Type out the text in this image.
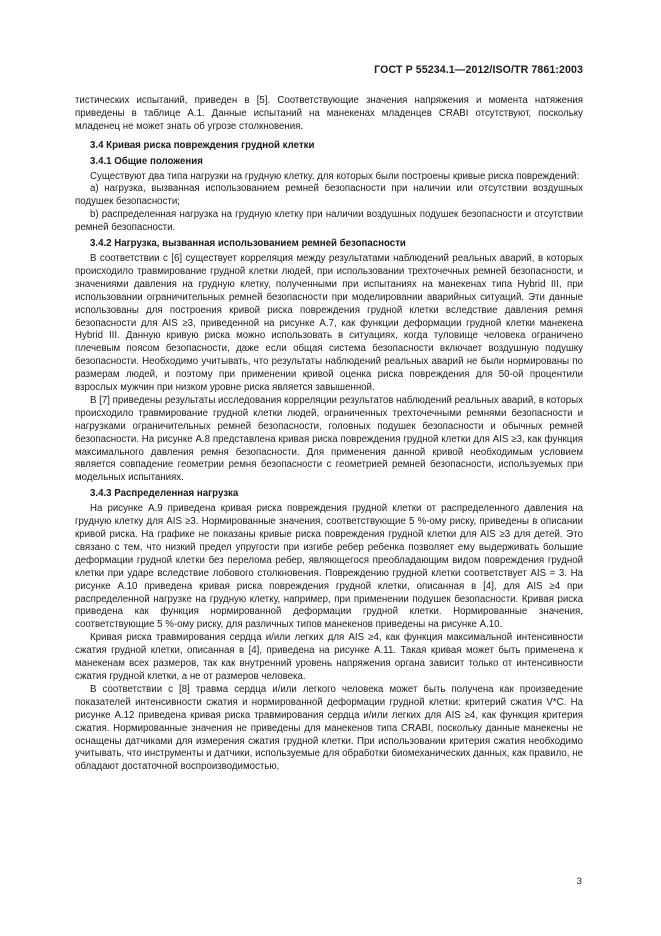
ГОСТ Р 55234.1—2012/ISO/TR 7861:2003

тистических испытаний, приведен в [5]. Соответствующие значения напряжения и момента натяжения приведены в таблице А.1. Данные испытаний на манекенах младенцев CRABI отсутствуют, поскольку младенец не может знать об угрозе столкновения.

3.4 Кривая риска повреждения грудной клетки

3.4.1 Общие положения

Существуют два типа нагрузки на грудную клетку, для которых были построены кривые риска повреждений:

a) нагрузка, вызванная использованием ремней безопасности при наличии или отсутствии воздушных подушек безопасности;

b) распределенная нагрузка на грудную клетку при наличии воздушных подушек безопасности и отсутствии ремней безопасности.

3.4.2 Нагрузка, вызванная использованием ремней безопасности

В соответствии с [6] существует корреляция между результатами наблюдений реальных аварий, в которых происходило травмирование грудной клетки людей, при использовании трехточечных ремней безопасности, и значениями давления на грудную клетку, полученными при испытаниях на манекенах типа Hybrid III, при использовании ограничительных ремней безопасности при моделировании аварийных ситуаций. Эти данные использованы для построения кривой риска повреждения грудной клетки вследствие давления ремня безопасности для AIS ≥3, приведенной на рисунке А.7, как функции деформации грудной клетки манекена Hybrid III. Данную кривую риска можно использовать в ситуациях, когда туловище человека ограничено плечевым поясом безопасности, даже если общая система безопасности включает воздушную подушку безопасности. Необходимо учитывать, что результаты наблюдений реальных аварий не были нормированы по размерам людей, и поэтому при применении кривой оценка риска повреждения для 50-ой процентили взрослых мужчин при низком уровне риска является завышенной.

В [7] приведены результаты исследования корреляции результатов наблюдений реальных аварий, в которых происходило травмирование грудной клетки людей, ограниченных трехточечными ремнями безопасности и нагрузками ограничительных ремней безопасности, головных подушек безопасности и обычных ремней безопасности. На рисунке А.8 представлена кривая риска повреждения грудной клетки для AIS ≥3, как функция максимального давления ремня безопасности. Для применения данной кривой необходимым условием является совпадение геометрии ремня безопасности с геометрией ремней безопасности, используемых при модельных испытаниях.

3.4.3 Распределенная нагрузка

На рисунке А.9 приведена кривая риска повреждения грудной клетки от распределенного давления на грудную клетку для AIS ≥3. Нормированные значения, соответствующие 5 %-ому риску, приведены в описании кривой риска. На графике не показаны кривые риска повреждения грудной клетки для AIS ≥3 для детей. Это связано с тем, что низкий предел упругости при изгибе ребер ребенка позволяет ему выдерживать большие деформации грудной клетки без перелома ребер, являющегося преобладающим видом повреждения грудной клетки при ударе вследствие лобового столкновения. Повреждению грудной клетки соответствует AIS = 3. На рисунке А.10 приведена кривая риска повреждения грудной клетки, описанная в [4], для AIS ≥4 при распределенной нагрузке на грудную клетку, например, при применении подушек безопасности. Кривая риска приведена как функция нормированной деформации грудной клетки. Нормированные значения, соответствующие 5 %-ому риску, для различных типов манекенов приведены на рисунке А.10.

Кривая риска травмирования сердца и/или легких для AIS ≥4, как функция максимальной интенсивности сжатия грудной клетки, описанная в [4], приведена на рисунке А.11. Такая кривая может быть применена к манекенам всех размеров, так как внутренний уровень напряжения органа зависит только от интенсивности сжатия грудной клетки, а не от размеров человека.

В соответствии с [8] травма сердца и/или легкого человека может быть получена как произведение показателей интенсивности сжатия и нормированной деформации грудной клетки: критерий сжатия V*C. На рисунке А.12 приведена кривая риска травмирования сердца и/или легких для AIS ≥4, как функция критерия сжатия. Нормированные значения не приведены для манекенов типа CRABI, поскольку данные манекены не оснащены датчиками для измерения сжатия грудной клетки. При использовании критерия сжатия необходимо учитывать, что инструменты и датчики, используемые для обработки биомеханических данных, как правило, не обладают достаточной воспроизводимостью,

3
